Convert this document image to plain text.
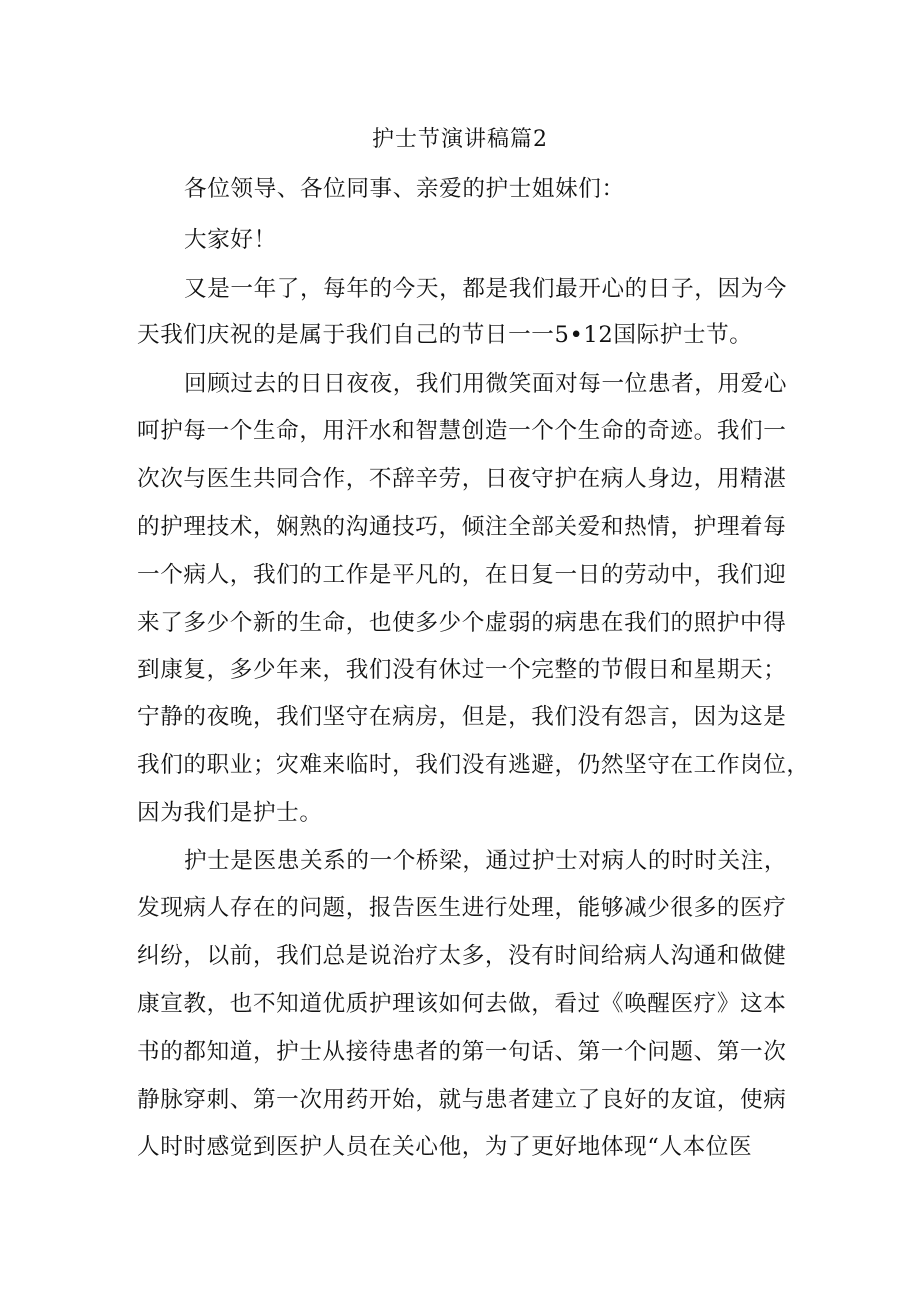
护士节演讲稿篇2
各位领导、各位同事、亲爱的护士姐妹们：
大家好！
又是一年了，每年的今天，都是我们最开心的日子，因为今
天我们庆祝的是属于我们自己的节日一一5•12国际护士节。
回顾过去的日日夜夜，我们用微笑面对每一位患者，用爱心
呵护每一个生命，用汗水和智慧创造一个个生命的奇迹。我们一
次次与医生共同合作，不辞辛劳，日夜守护在病人身边，用精湛
的护理技术，娴熟的沟通技巧，倾注全部关爱和热情，护理着每
一个病人，我们的工作是平凡的，在日复一日的劳动中，我们迎
来了多少个新的生命，也使多少个虚弱的病患在我们的照护中得
到康复，多少年来，我们没有休过一个完整的节假日和星期天；
宁静的夜晚，我们坚守在病房，但是，我们没有怨言，因为这是
我们的职业；灾难来临时，我们没有逃避，仍然坚守在工作岗位，
因为我们是护士。
护士是医患关系的一个桥梁，通过护士对病人的时时关注，
发现病人存在的问题，报告医生进行处理，能够减少很多的医疗
纠纷，以前，我们总是说治疗太多，没有时间给病人沟通和做健
康宣教，也不知道优质护理该如何去做，看过《唤醒医疗》这本
书的都知道，护士从接待患者的第一句话、第一个问题、第一次
静脉穿刺、第一次用药开始，就与患者建立了良好的友谊，使病
人时时感觉到医护人员在关心他，为了更好地体现“人本位医
